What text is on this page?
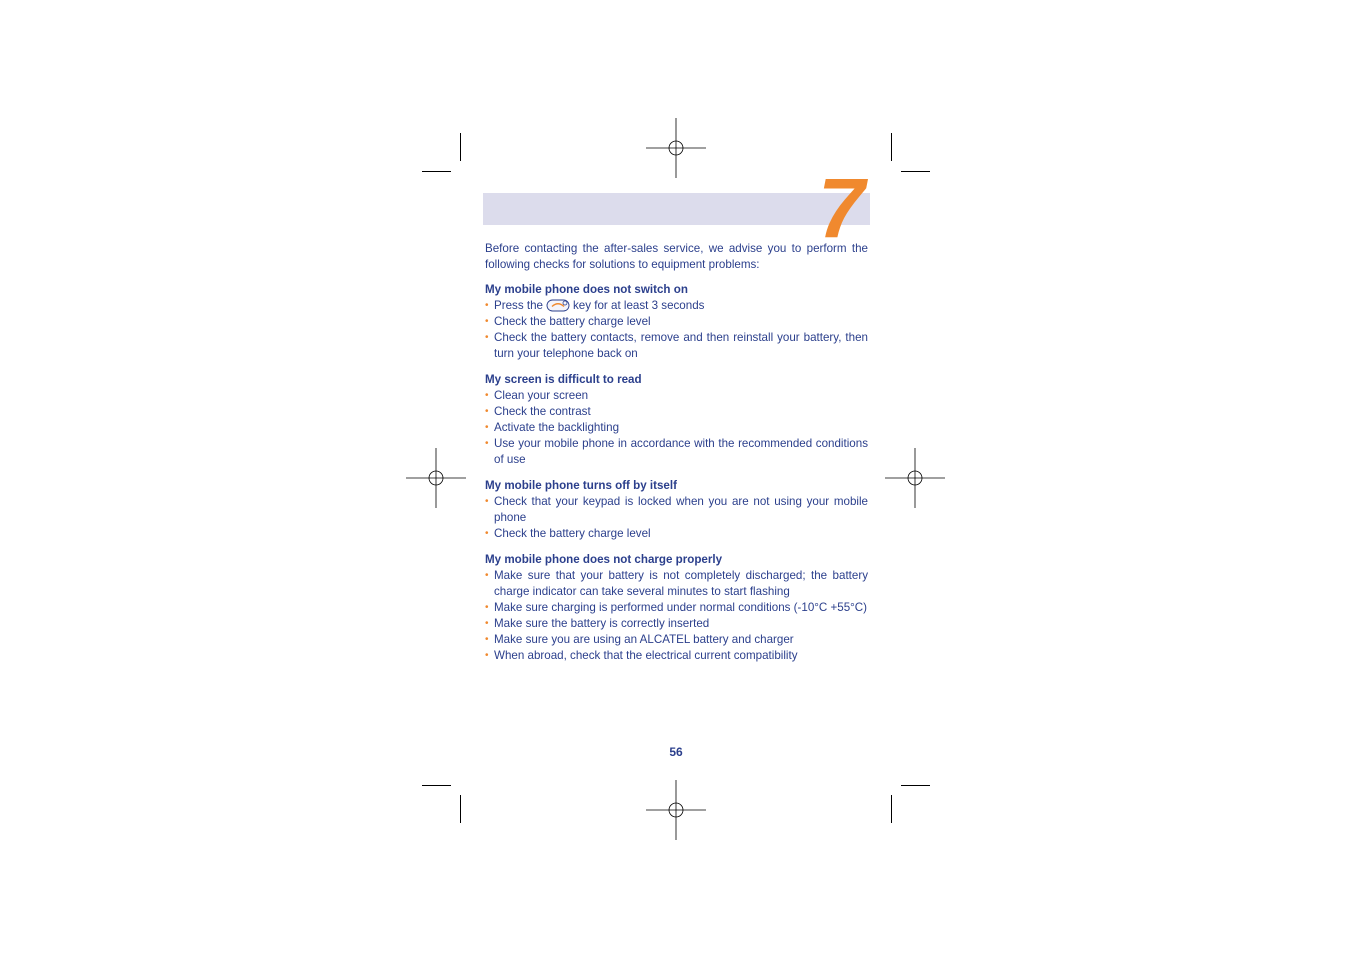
7

Before contacting the after-sales service, we advise you to perform the following checks for solutions to equipment problems:

My mobile phone does not switch on
• Press the	key for at least 3 seconds
• Check the battery charge level
• Check the battery contacts, remove and then reinstall your battery, then turn your telephone back on
My screen is difficult to read
• Clean your screen
• Check the contrast
• Activate the backlighting
• Use your mobile phone in accordance with the recommended conditions of use
My mobile phone turns off by itself
• Check that your keypad is locked when you are not using your mobile phone
• Check the battery charge level
My mobile phone does not charge properly
• Make sure that your battery is not completely discharged; the battery charge indicator can take several minutes to start flashing
• Make sure charging is performed under normal conditions (-10°C +55°C)
• Make sure the battery is correctly inserted
• Make sure you are using an ALCATEL battery and charger
• When abroad, check that the electrical current compatibility
56
